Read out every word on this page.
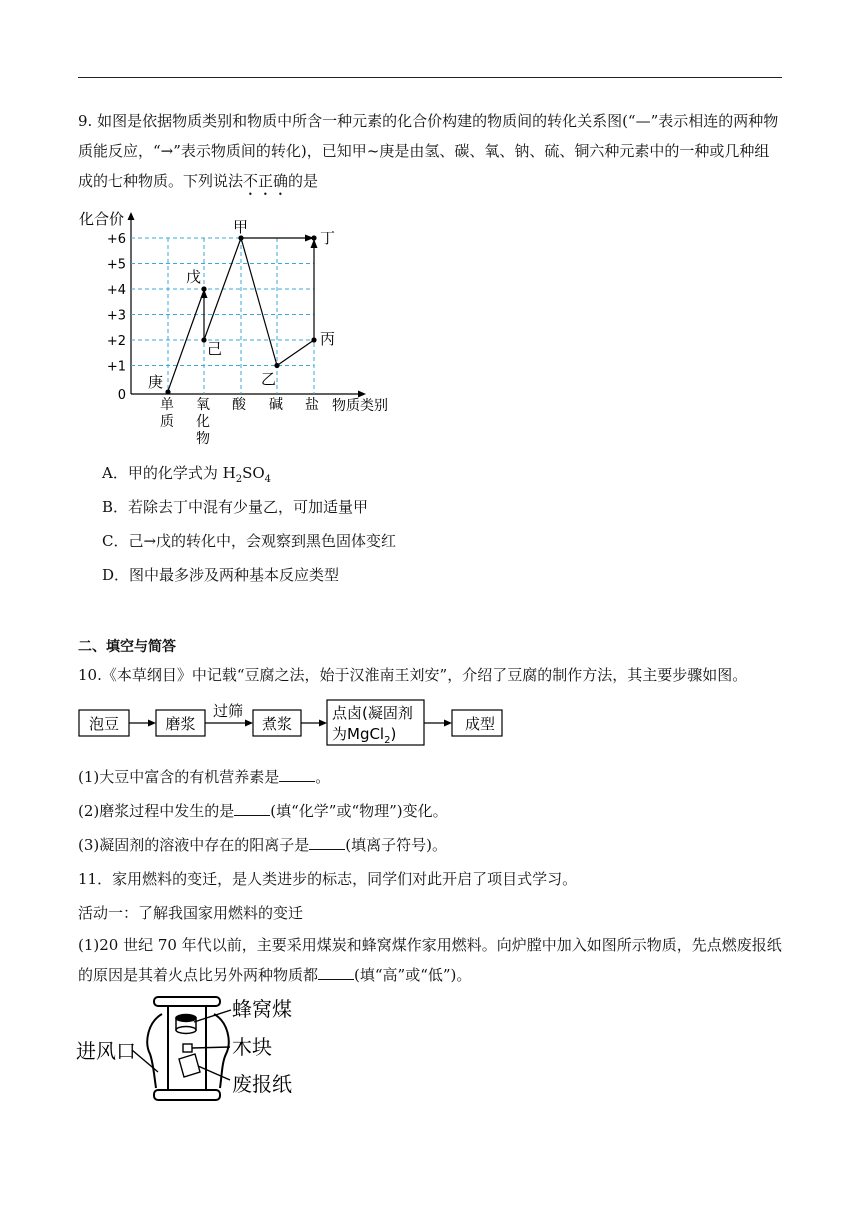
9. 如图是依据物质类别和物质中所含一种元素的化合价构建的物质间的转化关系图(“—”表示相连的两种物质能反应，“→”表示物质间的转化)，已知甲~庚是由氢、碳、氧、钠、硫、铜六种元素中的一种或几种组成的七种物质。下列说法不正确的是
化合价
+6
+5
+4
+3
+2
+1
0
单质
氧化物
酸 碱 盐 物质类别
甲
丁
戊
己
丙
乙
庚
A．甲的化学式为 $H_2SO_4$
B．若除去丁中混有少量乙，可加适量甲
C．己→戊的转化中，会观察到黑色固体变红
D．图中最多涉及两种基本反应类型
二、填空与简答
10.《本草纲目》中记载“豆腐之法，始于汉淮南王刘安”，介绍了豆腐的制作方法，其主要步骤如图。
泡豆	磨浆
过筛
煮浆	成型
点卤(凝固剂
为MgCl$_2$)
(1)大豆中富含的有机营养素是 。
(2)磨浆过程中发生的是 (填“化学”或“物理”)变化。
(3)凝固剂的溶液中存在的阳离子是 (填离子符号)。
11．家用燃料的变迁，是人类进步的标志，同学们对此开启了项目式学习。
活动一：了解我国家用燃料的变迁
(1)20 世纪 70 年代以前，主要采用煤炭和蜂窝煤作家用燃料。向炉膛中加入如图所示物质，先点燃废报纸的原因是其着火点比另外两种物质都 (填“高”或“低”)。
蜂窝煤
木块
废报纸
进风口
